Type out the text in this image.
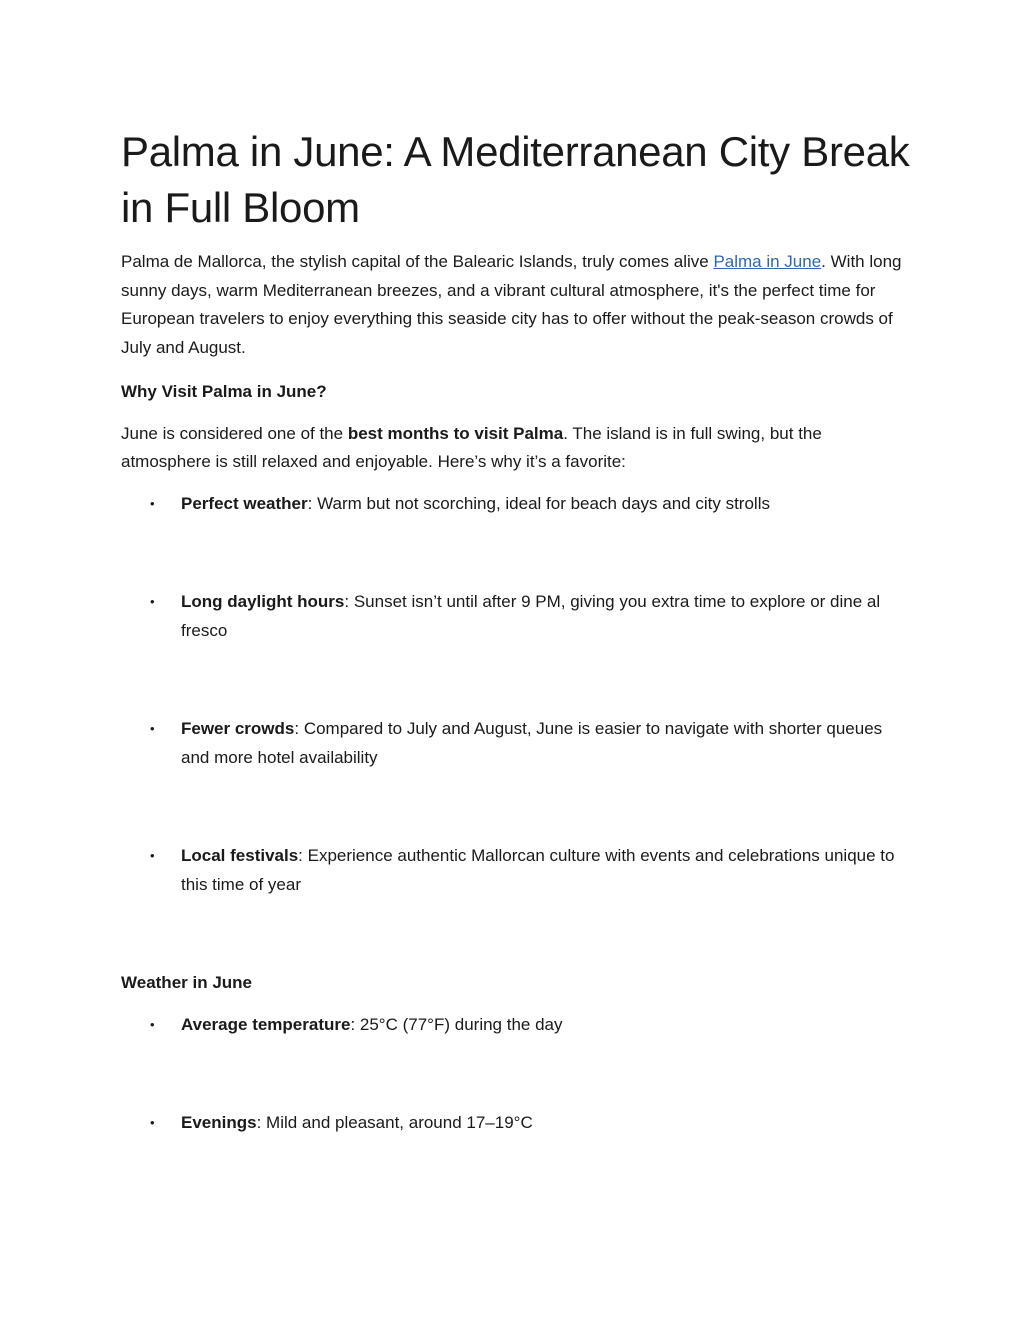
Palma in June: A Mediterranean City Break in Full Bloom

Palma de Mallorca, the stylish capital of the Balearic Islands, truly comes alive Palma in June. With long sunny days, warm Mediterranean breezes, and a vibrant cultural atmosphere, it's the perfect time for European travelers to enjoy everything this seaside city has to offer without the peak-season crowds of July and August.

Why Visit Palma in June?

June is considered one of the best months to visit Palma. The island is in full swing, but the atmosphere is still relaxed and enjoyable. Here’s why it’s a favorite:

• Perfect weather: Warm but not scorching, ideal for beach days and city strolls
• Long daylight hours: Sunset isn’t until after 9 PM, giving you extra time to explore or dine al fresco
• Fewer crowds: Compared to July and August, June is easier to navigate with shorter queues and more hotel availability
• Local festivals: Experience authentic Mallorcan culture with events and celebrations unique to this time of year

Weather in June

• Average temperature: 25°C (77°F) during the day
• Evenings: Mild and pleasant, around 17–19°C
